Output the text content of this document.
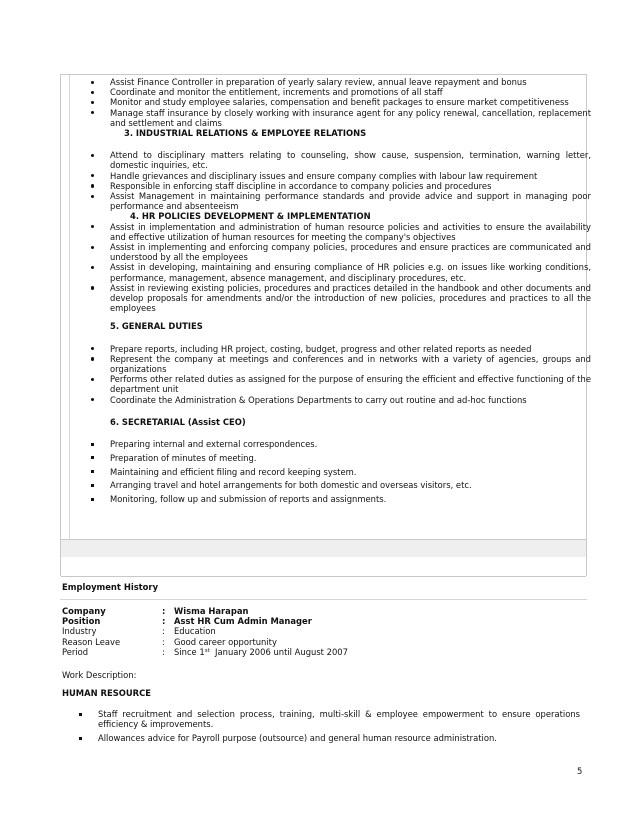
Assist Finance Controller in preparation of yearly salary review, annual leave repayment and bonus
Coordinate and monitor the entitlement, increments and promotions of all staff
Monitor and study employee salaries, compensation and benefit packages to ensure market competitiveness
Manage staff insurance by closely working with insurance agent for any policy renewal, cancellation, replacement and settlement and claims
3. INDUSTRIAL RELATIONS & EMPLOYEE RELATIONS
Attend to disciplinary matters relating to counseling, show cause, suspension, termination, warning letter, domestic inquiries, etc.
Handle grievances and disciplinary issues and ensure company complies with labour law requirement
Responsible in enforcing staff discipline in accordance to company policies and procedures
Assist Management in maintaining performance standards and provide advice and support in managing poor performance and absenteeism
4. HR POLICIES DEVELOPMENT & IMPLEMENTATION
Assist in implementation and administration of human resource policies and activities to ensure the availability and effective utilization of human resources for meeting the company's objectives
Assist in implementing and enforcing company policies, procedures and ensure practices are communicated and understood by all the employees
Assist in developing, maintaining and ensuring compliance of HR policies e.g. on issues like working conditions, performance, management, absence management, and disciplinary procedures, etc.
Assist in reviewing existing policies, procedures and practices detailed in the handbook and other documents and develop proposals for amendments and/or the introduction of new policies, procedures and practices to all the employees
5. GENERAL DUTIES
Prepare reports, including HR project, costing, budget, progress and other related reports as needed
Represent the company at meetings and conferences and in networks with a variety of agencies, groups and organizations
Performs other related duties as assigned for the purpose of ensuring the efficient and effective functioning of the department unit
Coordinate the Administration & Operations Departments to carry out routine and ad-hoc functions
6. SECRETARIAL (Assist CEO)
Preparing internal and external correspondences.
Preparation of minutes of meeting.
Maintaining and efficient filing and record keeping system.
Arranging travel and hotel arrangements for both domestic and overseas visitors, etc.
Monitoring, follow up and submission of reports and assignments.
Employment History
Company	:	Wisma Harapan
Position	:	Asst HR Cum Admin Manager
Industry	:	Education
Reason Leave	:	Good career opportunity
Period	:	Since 1st  January 2006 until August 2007
Work Description:
HUMAN RESOURCE
Staff recruitment and selection process, training, multi-skill & employee empowerment to ensure operations efficiency & improvements.
Allowances advice for Payroll purpose (outsource) and general human resource administration.
5
